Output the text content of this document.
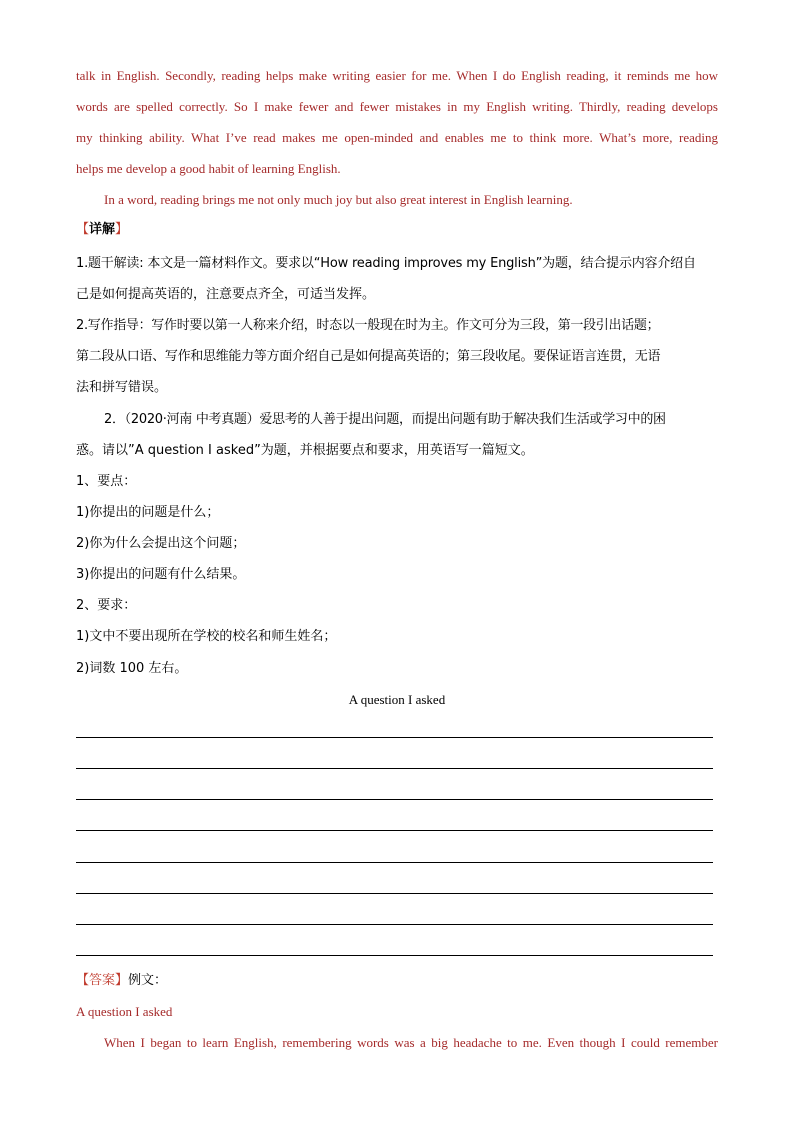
talk in English. Secondly, reading helps make writing easier for me. When I do English reading, it reminds me how
words are spelled correctly. So I make fewer and fewer mistakes in my English writing. Thirdly, reading develops
my thinking ability. What I’ve read makes me open-minded and enables me to think more. What’s more, reading
helps me develop a good habit of learning English.
In a word, reading brings me not only much joy but also great interest in English learning.
【详解】
1.题干解读: 本文是一篇材料作文。要求以“How reading improves my English”为题，结合提示内容介绍自
己是如何提高英语的，注意要点齐全，可适当发挥。
2.写作指导：写作时要以第一人称来介绍，时态以一般现在时为主。作文可分为三段，第一段引出话题；
第二段从口语、写作和思维能力等方面介绍自己是如何提高英语的；第三段收尾。要保证语言连贯，无语
法和拼写错误。
2．（2020·河南 中考真题）爱思考的人善于提出问题，而提出问题有助于解决我们生活或学习中的困
惑。请以”A question I asked”为题，并根据要点和要求，用英语写一篇短文。
1、要点：
1)你提出的问题是什么；
2)你为什么会提出这个问题；
3)你提出的问题有什么结果。
2、要求：
1)文中不要出现所在学校的校名和师生姓名；
2)词数 100 左右。
A question I asked
【答案】例文：
A question I asked
When I began to learn English, remembering words was a big headache to me. Even though I could remember
